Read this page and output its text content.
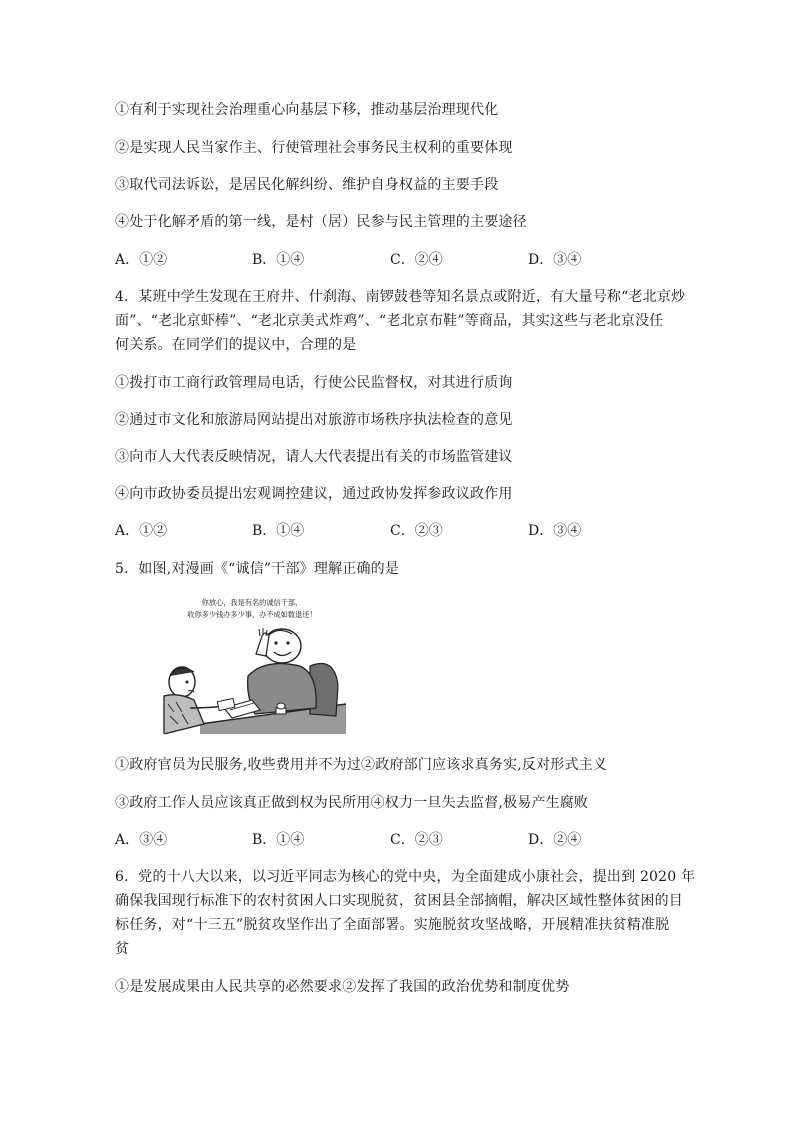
①有利于实现社会治理重心向基层下移，推动基层治理现代化
②是实现人民当家作主、行使管理社会事务民主权利的重要体现
③取代司法诉讼，是居民化解纠纷、维护自身权益的主要手段
④处于化解矛盾的第一线，是村（居）民参与民主管理的主要途径
A．①②	B．①④	C．②④	D．③④
4．某班中学生发现在王府井、什刹海、南锣鼓巷等知名景点或附近，有大量号称“老北京炒
面”、“老北京虾棒”、“老北京美式炸鸡”、“老北京布鞋”等商品，其实这些与老北京没任
何关系。在同学们的提议中，合理的是
①拨打市工商行政管理局电话，行使公民监督权，对其进行质询
②通过市文化和旅游局网站提出对旅游市场秩序执法检查的意见
③向市人大代表反映情况，请人大代表提出有关的市场监管建议
④向市政协委员提出宏观调控建议，通过政协发挥参政议政作用
A．①②	B．①④	C．②③	D．③④
5．如图,对漫画《“诚信”干部》理解正确的是
你放心，我是有名的诚信干部，
收你多少钱办多少事，办不成如数退还！
①政府官员为民服务,收些费用并不为过②政府部门应该求真务实,反对形式主义
③政府工作人员应该真正做到权为民所用④权力一旦失去监督,极易产生腐败
A．③④	B．①④	C．②③	D．②④
6．党的十八大以来，以习近平同志为核心的党中央，为全面建成小康社会，提出到 2020 年
确保我国现行标准下的农村贫困人口实现脱贫，贫困县全部摘帽，解决区域性整体贫困的目
标任务，对“十三五”脱贫攻坚作出了全面部署。实施脱贫攻坚战略，开展精准扶贫精准脱
贫
①是发展成果由人民共享的必然要求②发挥了我国的政治优势和制度优势
